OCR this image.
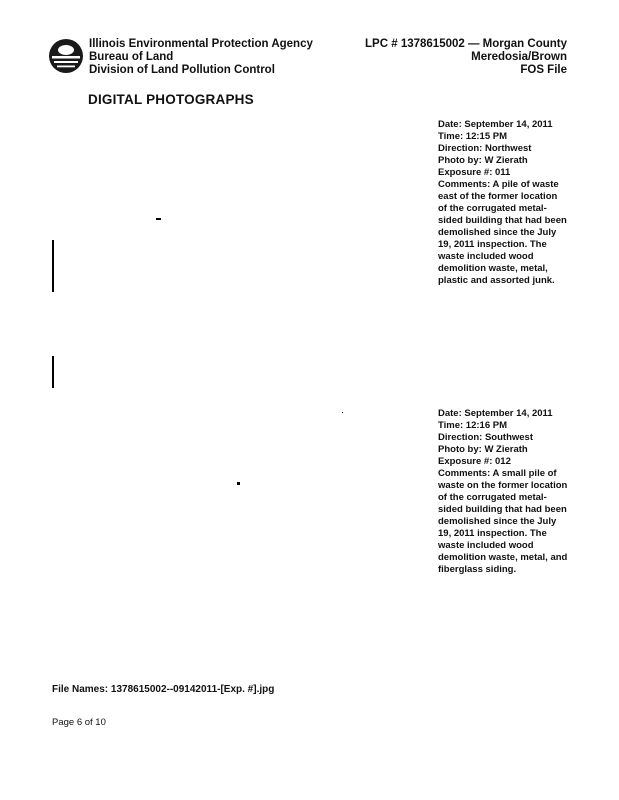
Illinois Environmental Protection Agency
Bureau of Land
Division of Land Pollution Control
LPC # 1378615002 — Morgan County
Meredosia/Brown
FOS File
DIGITAL PHOTOGRAPHS
Date: September 14, 2011
Time: 12:15 PM
Direction: Northwest
Photo by: W Zierath
Exposure #: 011
Comments: A pile of waste east of the former location of the corrugated metal-sided building that had been demolished since the July 19, 2011 inspection. The waste included wood demolition waste, metal, plastic and assorted junk.
Date: September 14, 2011
Time: 12:16 PM
Direction: Southwest
Photo by: W Zierath
Exposure #: 012
Comments: A small pile of waste on the former location of the corrugated metal-sided building that had been demolished since the July 19, 2011 inspection. The waste included wood demolition waste, metal, and fiberglass siding.
File Names: 1378615002--09142011-[Exp. #].jpg
Page 6 of 10
